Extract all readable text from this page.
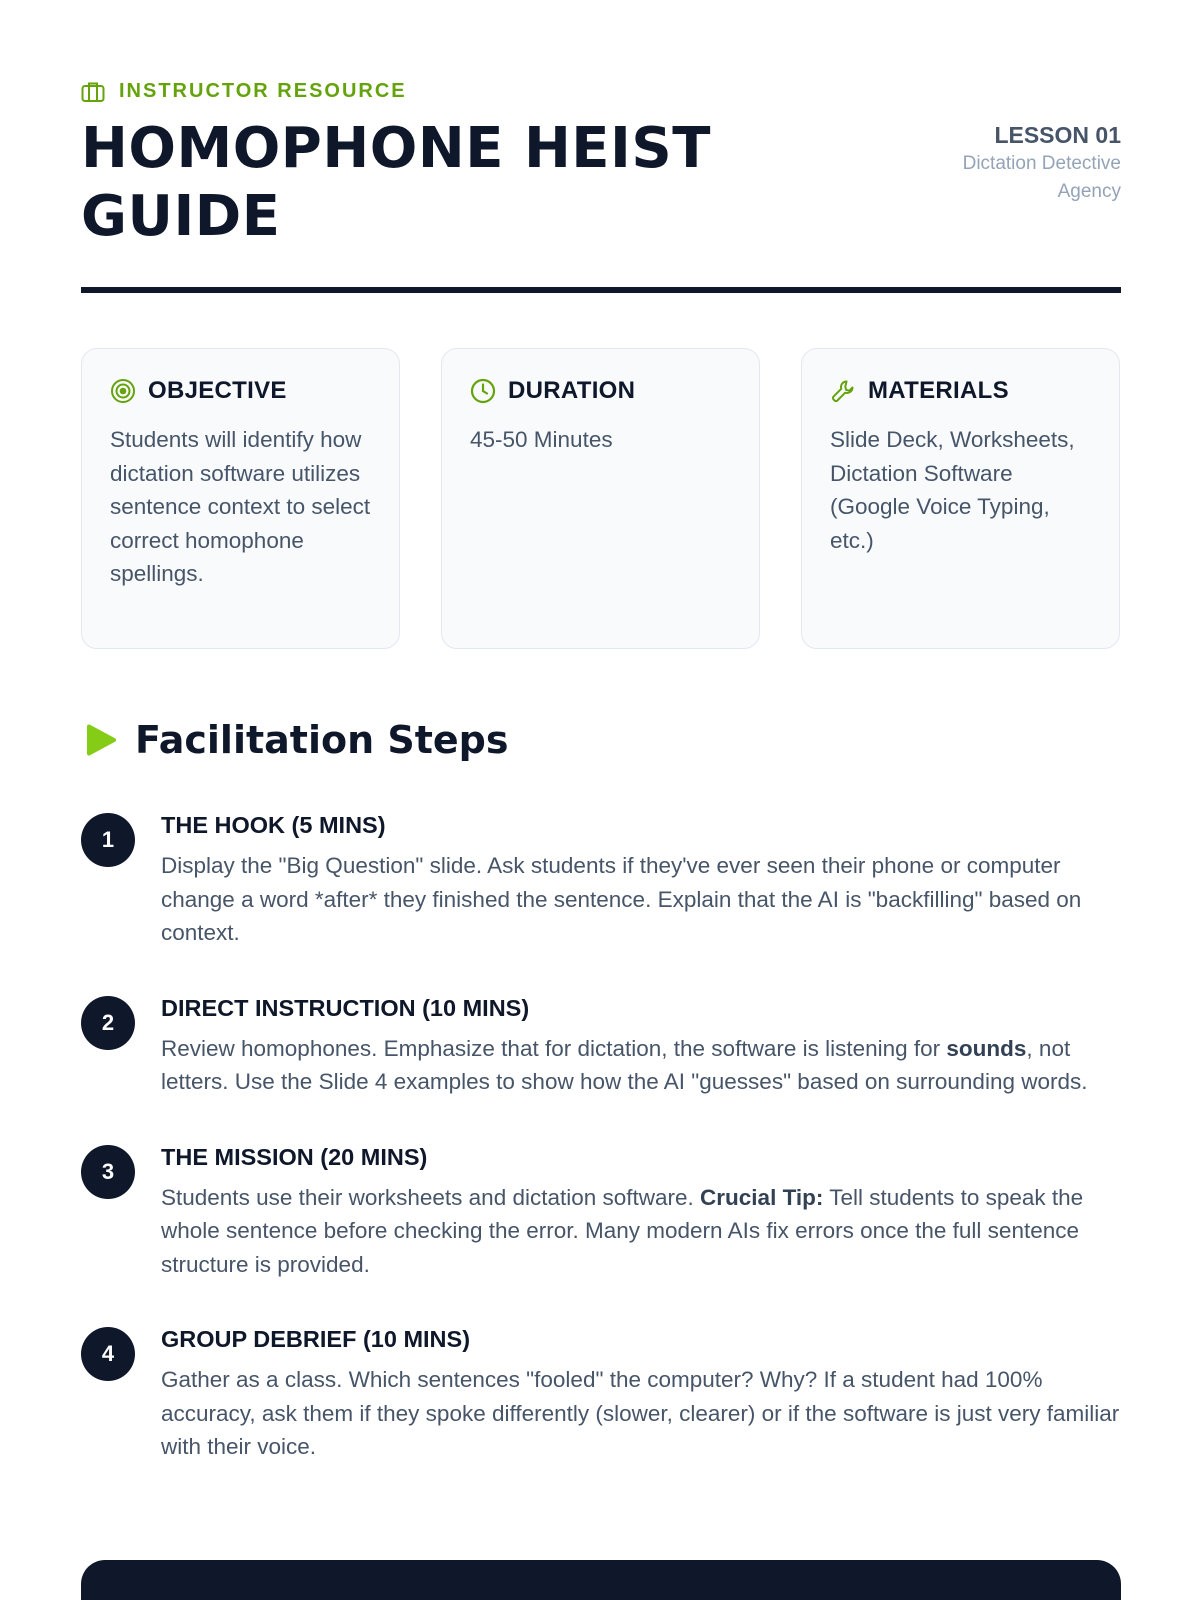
INSTRUCTOR RESOURCE
HOMOPHONE HEIST
GUIDE
LESSON 01
Dictation Detective
Agency
OBJECTIVE
Students will identify how dictation software utilizes sentence context to select correct homophone spellings.
DURATION
45-50 Minutes
MATERIALS
Slide Deck, Worksheets, Dictation Software (Google Voice Typing, etc.)
Facilitation Steps
1
THE HOOK (5 MINS)
Display the "Big Question" slide. Ask students if they've ever seen their phone or computer change a word *after* they finished the sentence. Explain that the AI is "backfilling" based on context.
2
DIRECT INSTRUCTION (10 MINS)
Review homophones. Emphasize that for dictation, the software is listening for sounds, not letters. Use the Slide 4 examples to show how the AI "guesses" based on surrounding words.
3
THE MISSION (20 MINS)
Students use their worksheets and dictation software. Crucial Tip: Tell students to speak the whole sentence before checking the error. Many modern AIs fix errors once the full sentence structure is provided.
4
GROUP DEBRIEF (10 MINS)
Gather as a class. Which sentences "fooled" the computer? Why? If a student had 100% accuracy, ask them if they spoke differently (slower, clearer) or if the software is just very familiar with their voice.
